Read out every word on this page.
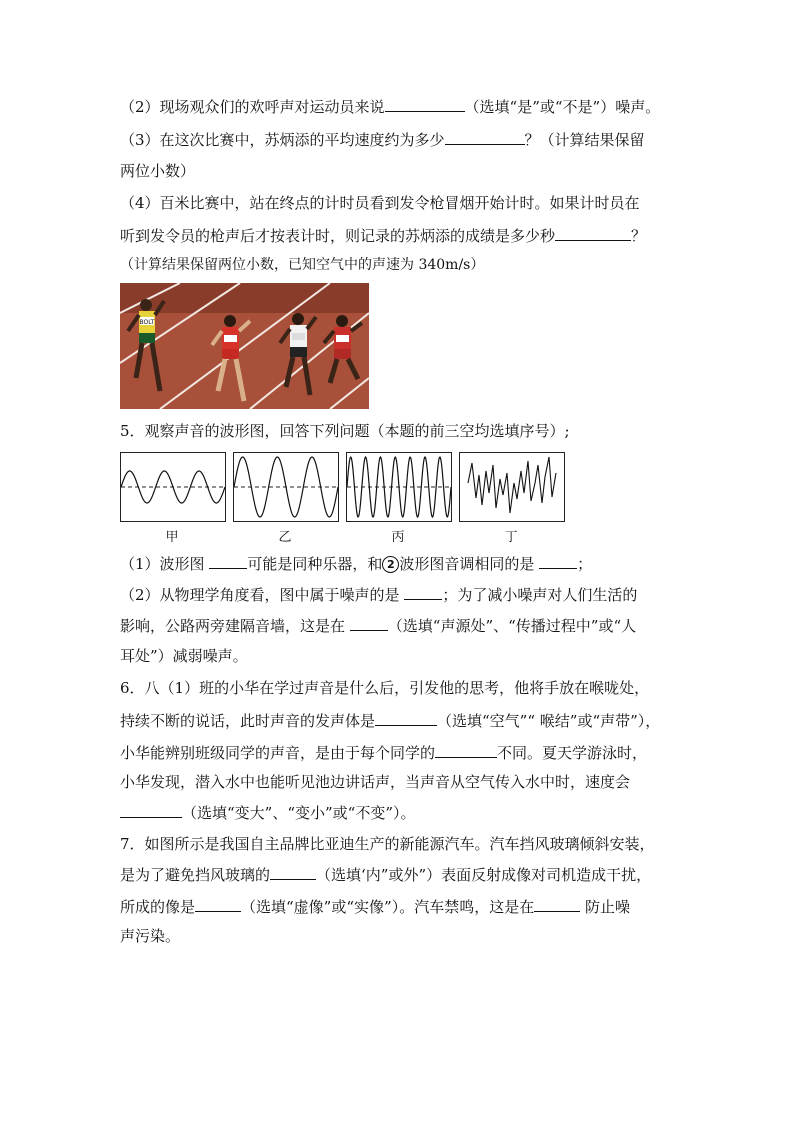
（2）现场观众们的欢呼声对运动员来说	（选填“是”或“不是”）噪声。
（3）在这次比赛中，苏炳添的平均速度约为多少	？（计算结果保留
两位小数）
（4）百米比赛中，站在终点的计时员看到发令枪冒烟开始计时。如果计时员在
听到发令员的枪声后才按表计时，则记录的苏炳添的成绩是多少秒	？
（计算结果保留两位小数，已知空气中的声速为 340m/s）
BOLT
5．观察声音的波形图，回答下列问题（本题的前三空均选填序号）;
甲	乙	丙	丁
（1）波形图	可能是同种乐器，和 2 波形图音调相同的是	；
（2）从物理学角度看，图中属于噪声的是	；为了减小噪声对人们生活的
影响，公路两旁建隔音墙，这是在	（选填“声源处”、“传播过程中”或“人
耳处”）减弱噪声。
6．八（1）班的小华在学过声音是什么后，引发他的思考，他将手放在喉咙处，
持续不断的说话，此时声音的发声体是	（选填“空气”“ 喉结”或“声带”），
小华能辨别班级同学的声音，是由于每个同学的	不同。夏天学游泳时，
小华发现，潜入水中也能听见池边讲话声，当声音从空气传入水中时，速度会
（选填“变大”、“变小”或“不变”）。
7．如图所示是我国自主品牌比亚迪生产的新能源汽车。汽车挡风玻璃倾斜安装，
是为了避免挡风玻璃的	（选填‘内”或外”）表面反射成像对司机造成干扰，
所成的像是	（选填“虚像”或“实像”）。汽车禁鸣，这是在	防止噪
声污染。
